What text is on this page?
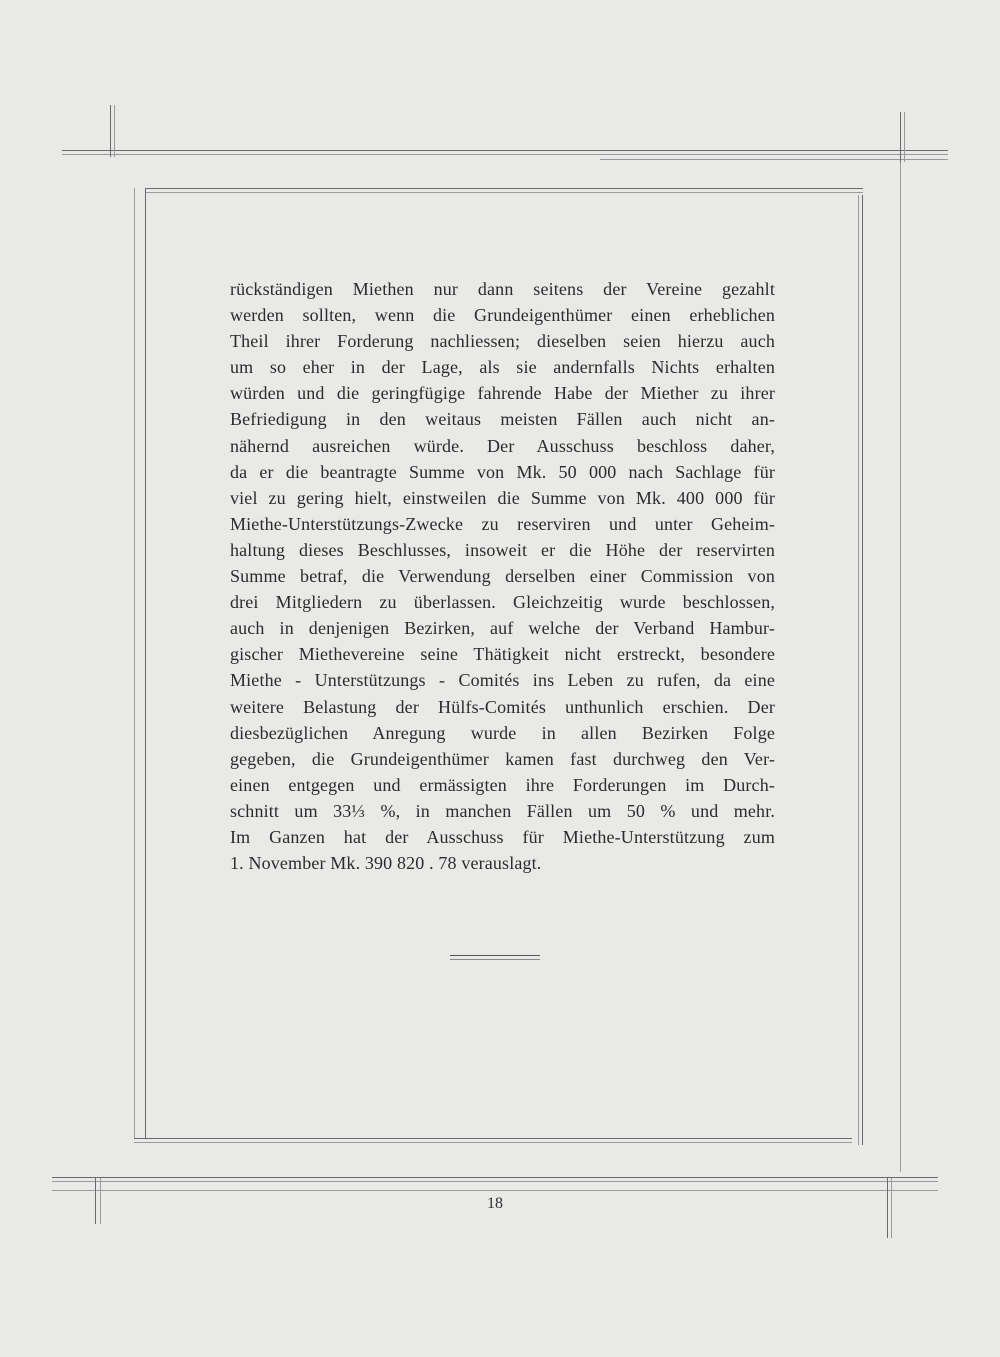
rückständigen Miethen nur dann seitens der Vereine gezahlt
werden sollten, wenn die Grundeigenthümer einen erheblichen
Theil ihrer Forderung nachliessen; dieselben seien hierzu auch
um so eher in der Lage, als sie andernfalls Nichts erhalten
würden und die geringfügige fahrende Habe der Miether zu ihrer
Befriedigung in den weitaus meisten Fällen auch nicht an-
nähernd ausreichen würde. Der Ausschuss beschloss daher,
da er die beantragte Summe von Mk. 50 000 nach Sachlage für
viel zu gering hielt, einstweilen die Summe von Mk. 400 000 für
Miethe-Unterstützungs-Zwecke zu reserviren und unter Geheim-
haltung dieses Beschlusses, insoweit er die Höhe der reservirten
Summe betraf, die Verwendung derselben einer Commission von
drei Mitgliedern zu überlassen. Gleichzeitig wurde beschlossen,
auch in denjenigen Bezirken, auf welche der Verband Hambur-
gischer Miethevereine seine Thätigkeit nicht erstreckt, besondere
Miethe - Unterstützungs - Comités ins Leben zu rufen, da eine
weitere Belastung der Hülfs-Comités unthunlich erschien. Der
diesbezüglichen Anregung wurde in allen Bezirken Folge
gegeben, die Grundeigenthümer kamen fast durchweg den Ver-
einen entgegen und ermässigten ihre Forderungen im Durch-
schnitt um 33⅓ %, in manchen Fällen um 50 % und mehr.
Im Ganzen hat der Ausschuss für Miethe-Unterstützung zum
1. November Mk. 390 820 . 78 verauslagt.
18
